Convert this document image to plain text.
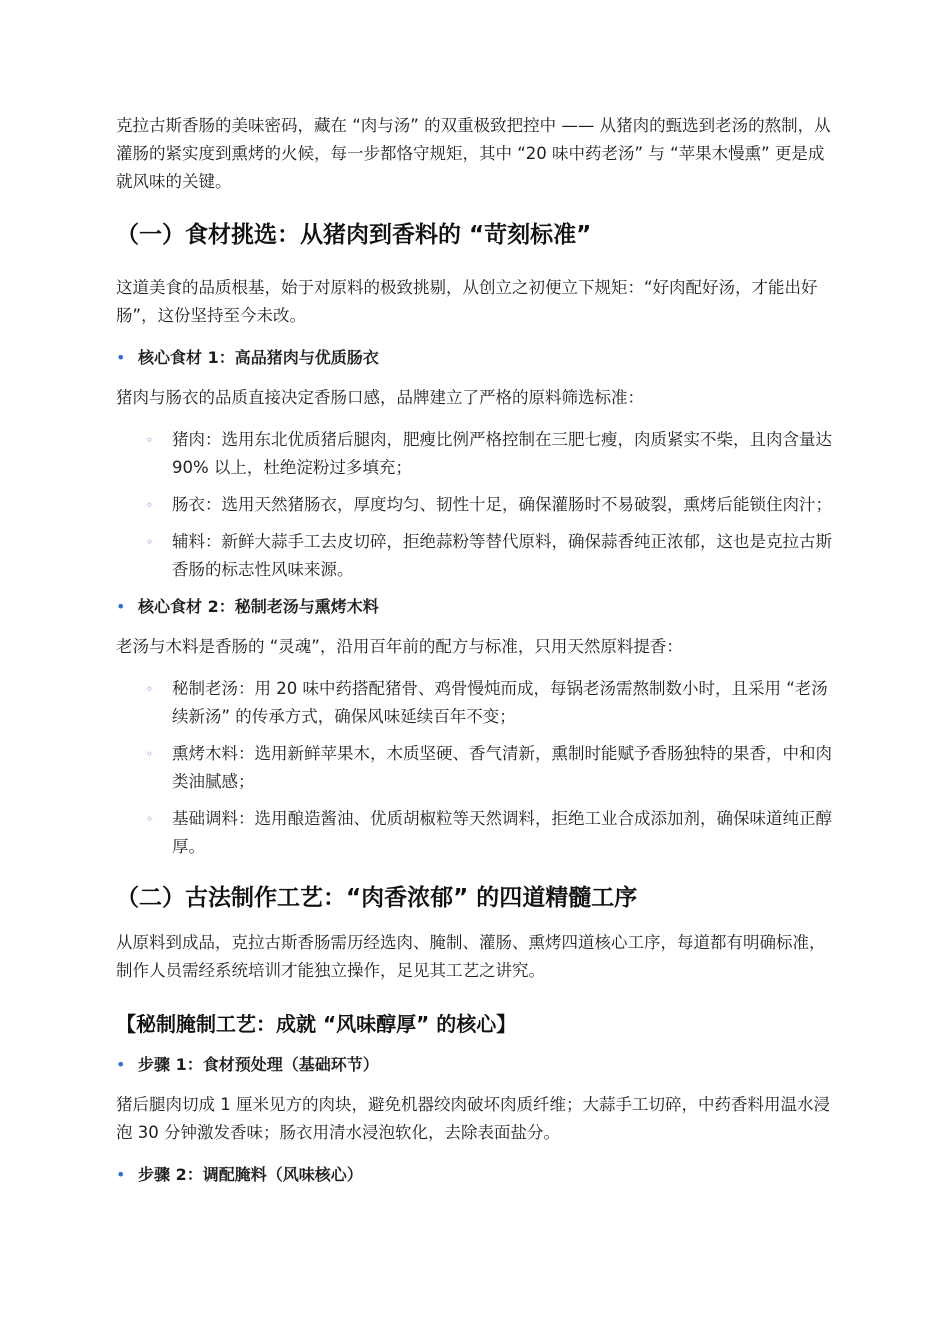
克拉古斯香肠的美味密码，藏在 “肉与汤” 的双重极致把控中 —— 从猪肉的甄选到老汤的熬制，从灌肠的紧实度到熏烤的火候，每一步都恪守规矩，其中 “20 味中药老汤” 与 “苹果木慢熏” 更是成就风味的关键。

（一）食材挑选：从猪肉到香料的 “苛刻标准”

这道美食的品质根基，始于对原料的极致挑剔，从创立之初便立下规矩：“好肉配好汤，才能出好肠”，这份坚持至今未改。

• 核心食材 1：高品猪肉与优质肠衣

猪肉与肠衣的品质直接决定香肠口感，品牌建立了严格的原料筛选标准：

◦ 猪肉：选用东北优质猪后腿肉，肥瘦比例严格控制在三肥七瘦，肉质紧实不柴，且肉含量达 90% 以上，杜绝淀粉过多填充；
◦ 肠衣：选用天然猪肠衣，厚度均匀、韧性十足，确保灌肠时不易破裂，熏烤后能锁住肉汁；
◦ 辅料：新鲜大蒜手工去皮切碎，拒绝蒜粉等替代原料，确保蒜香纯正浓郁，这也是克拉古斯香肠的标志性风味来源。
• 核心食材 2：秘制老汤与熏烤木料

老汤与木料是香肠的 “灵魂”，沿用百年前的配方与标准，只用天然原料提香：

◦ 秘制老汤：用 20 味中药搭配猪骨、鸡骨慢炖而成，每锅老汤需熬制数小时，且采用 “老汤续新汤” 的传承方式，确保风味延续百年不变；
◦ 熏烤木料：选用新鲜苹果木，木质坚硬、香气清新，熏制时能赋予香肠独特的果香，中和肉类油腻感；
◦ 基础调料：选用酿造酱油、优质胡椒粒等天然调料，拒绝工业合成添加剂，确保味道纯正醇厚。
（二）古法制作工艺：“肉香浓郁” 的四道精髓工序

从原料到成品，克拉古斯香肠需历经选肉、腌制、灌肠、熏烤四道核心工序，每道都有明确标准，制作人员需经系统培训才能独立操作，足见其工艺之讲究。

【秘制腌制工艺：成就 “风味醇厚” 的核心】
• 步骤 1：食材预处理（基础环节）

猪后腿肉切成 1 厘米见方的肉块，避免机器绞肉破坏肉质纤维；大蒜手工切碎，中药香料用温水浸泡 30 分钟激发香味；肠衣用清水浸泡软化，去除表面盐分。

• 步骤 2：调配腌料（风味核心）
